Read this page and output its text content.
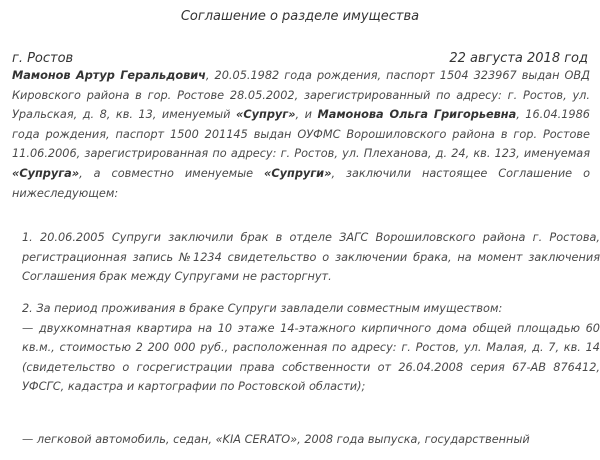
Соглашение о разделе имущества
г. Ростов	22 августа 2018 год
Мамонов Артур Геральдович, 20.05.1982 года рождения, паспорт 1504 323967 выдан ОВД Кировского района в гор. Ростове 28.05.2002, зарегистрированный по адресу: г. Ростов, ул. Уральская, д. 8, кв. 13, именуемый «Супруг», и Мамонова Ольга Григорьевна, 16.04.1986 года рождения, паспорт 1500 201145 выдан ОУФМС Ворошиловского района в гор. Ростове 11.06.2006, зарегистрированная по адресу: г. Ростов, ул. Плеханова, д. 24, кв. 123, именуемая «Супруга», а совместно именуемые «Супруги», заключили настоящее Соглашение о нижеследующем:
1. 20.06.2005 Супруги заключили брак в отделе ЗАГС Ворошиловского района г. Ростова, регистрационная запись №1234 свидетельство о заключении брака, на момент заключения Соглашения брак между Супругами не расторгнут.
2. За период проживания в браке Супруги завладели совместным имуществом:
— двухкомнатная квартира на 10 этаже 14-этажного кирпичного дома общей площадью 60 кв.м., стоимостью 2 200 000 руб., расположенная по адресу: г. Ростов, ул. Малая, д. 7, кв. 14 (свидетельство о госрегистрации права собственности от 26.04.2008 серия 67-АВ 876412, УФСГС, кадастра и картографии по Ростовской области);
— легковой автомобиль, седан, «KIA CERATO», 2008 года выпуска, государственный
